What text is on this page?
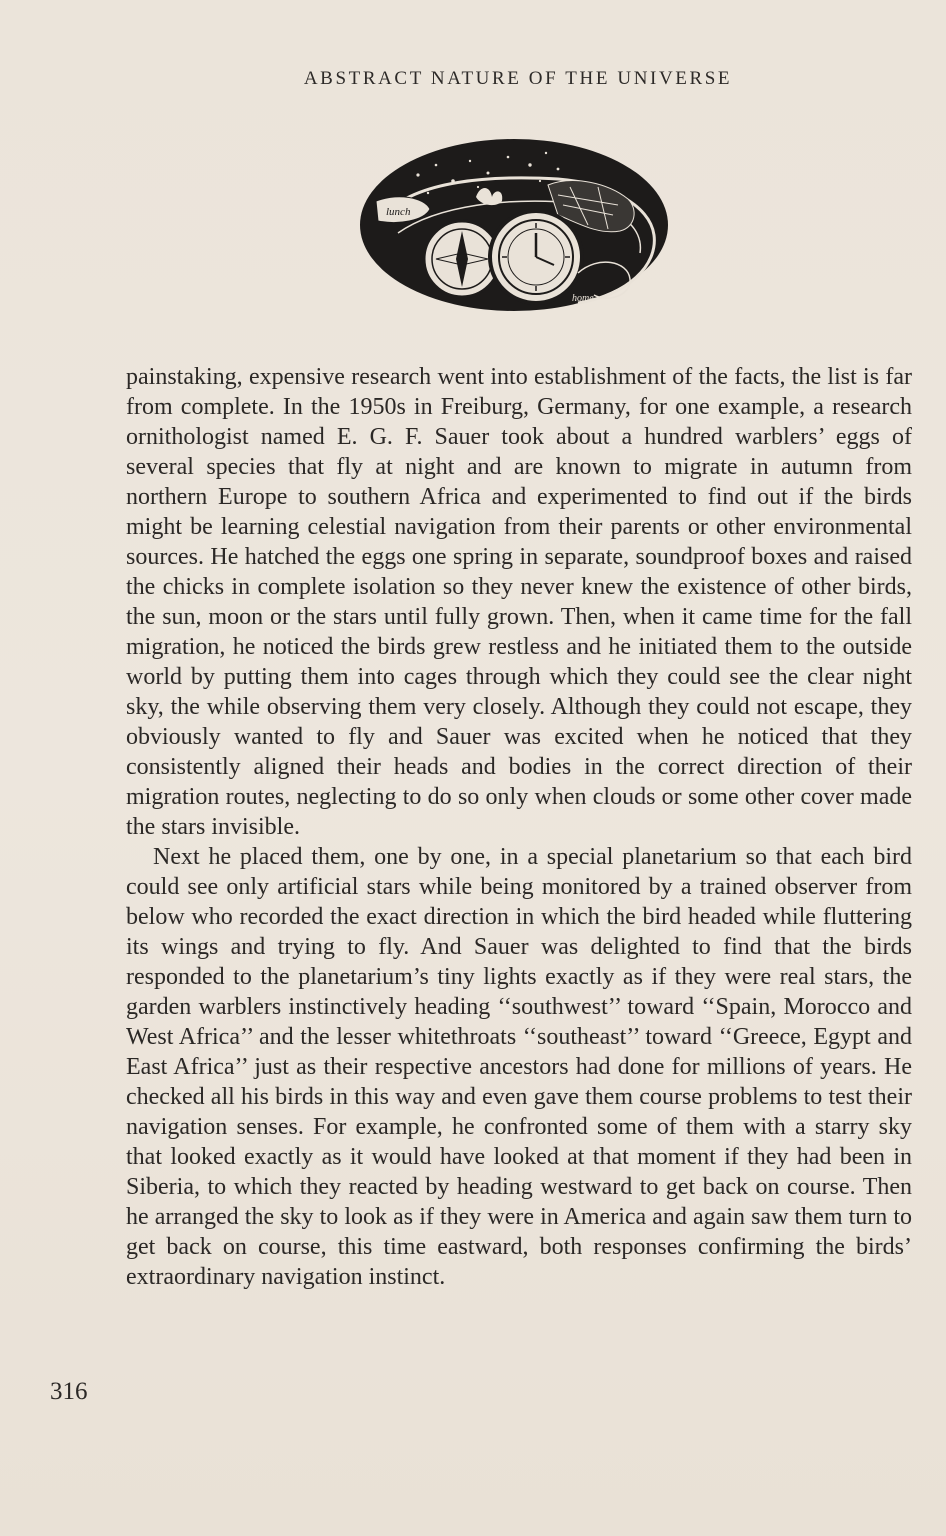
ABSTRACT NATURE OF THE UNIVERSE
lunch
home

painstaking, expensive research went into establishment of the facts, the list is far from complete. In the 1950s in Freiburg, Germany, for one example, a research ornithologist named E. G. F. Sauer took about a hundred warblers’ eggs of several species that fly at night and are known to migrate in autumn from northern Europe to southern Africa and experimented to find out if the birds might be learning celestial navigation from their parents or other environmental sources. He hatched the eggs one spring in separate, soundproof boxes and raised the chicks in complete isolation so they never knew the existence of other birds, the sun, moon or the stars until fully grown. Then, when it came time for the fall migration, he noticed the birds grew restless and he initiated them to the outside world by putting them into cages through which they could see the clear night sky, the while observing them very closely. Although they could not escape, they obviously wanted to fly and Sauer was excited when he noticed that they consistently aligned their heads and bodies in the correct direction of their migration routes, neglecting to do so only when clouds or some other cover made the stars invisible.

Next he placed them, one by one, in a special planetarium so that each bird could see only artificial stars while being monitored by a trained observer from below who recorded the exact direction in which the bird headed while fluttering its wings and trying to fly. And Sauer was delighted to find that the birds responded to the planetarium’s tiny lights exactly as if they were real stars, the garden warblers instinctively heading ‘‘southwest’’ toward ‘‘Spain, Morocco and West Africa’’ and the lesser whitethroats ‘‘southeast’’ toward ‘‘Greece, Egypt and East Africa’’ just as their respective ancestors had done for millions of years. He checked all his birds in this way and even gave them course problems to test their navigation senses. For example, he confronted some of them with a starry sky that looked exactly as it would have looked at that moment if they had been in Siberia, to which they reacted by heading westward to get back on course. Then he arranged the sky to look as if they were in America and again saw them turn to get back on course, this time eastward, both responses confirming the birds’ extraordinary navigation instinct.

316
